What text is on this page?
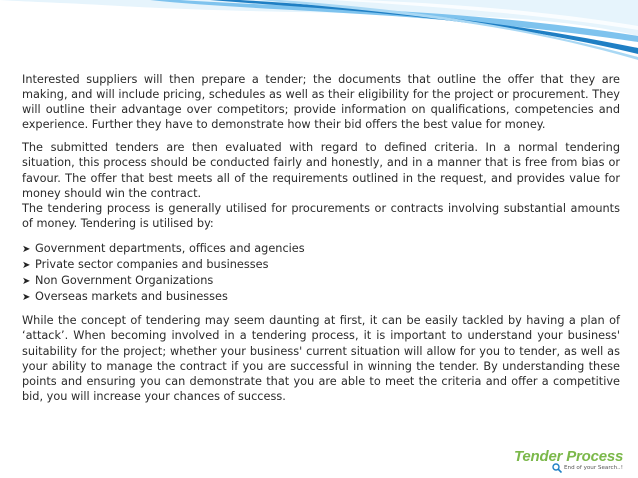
Interested suppliers will then prepare a tender; the documents that outline the offer that they are making, and will include pricing, schedules as well as their eligibility for the project or procurement. They will outline their advantage over competitors; provide information on qualifications, competencies and experience. Further they have to demonstrate how their bid offers the best value for money.

The submitted tenders are then evaluated with regard to defined criteria. In a normal tendering situation, this process should be conducted fairly and honestly, and in a manner that is free from bias or favour. The offer that best meets all of the requirements outlined in the request, and provides value for money should win the contract.

The tendering process is generally utilised for procurements or contracts involving substantial amounts of money. Tendering is utilised by:

➤ Government departments, offices and agencies
➤ Private sector companies and businesses
➤ Non Government Organizations
➤ Overseas markets and businesses

While the concept of tendering may seem daunting at first, it can be easily tackled by having a plan of ‘attack’. When becoming involved in a tendering process, it is important to understand your business' suitability for the project; whether your business' current situation will allow for you to tender, as well as your ability to manage the contract if you are successful in winning the tender. By understanding these points and ensuring you can demonstrate that you are able to meet the criteria and offer a competitive bid, you will increase your chances of success.

Tender Process
End of your Search..!
